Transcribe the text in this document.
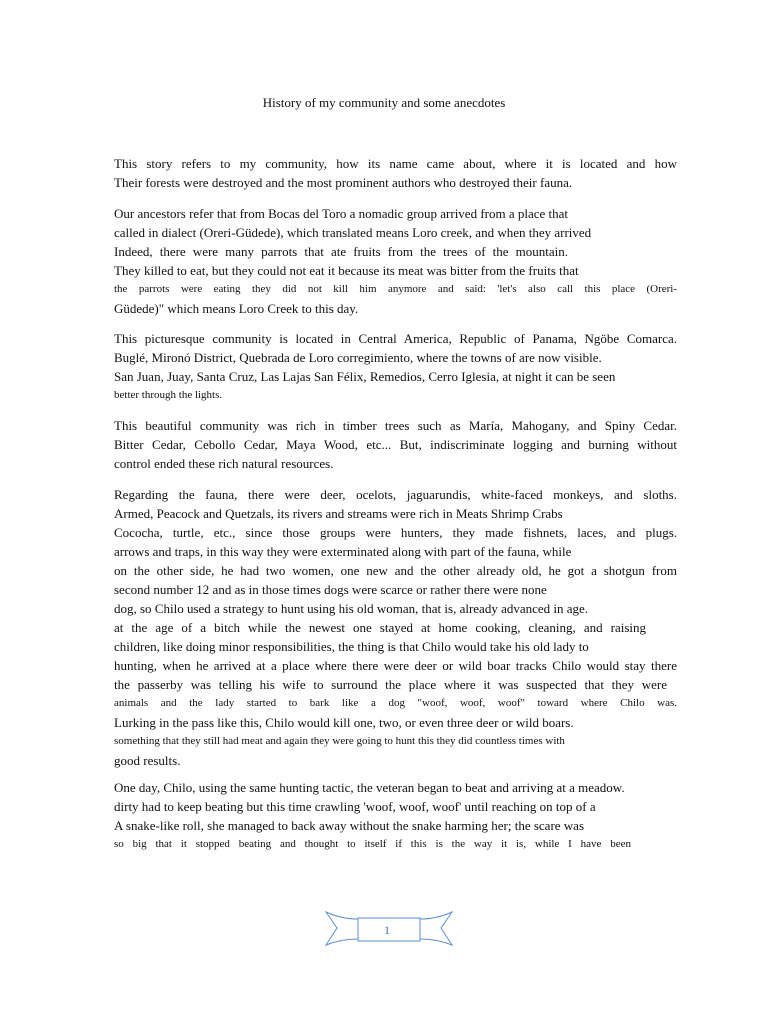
History of my community and some anecdotes
This story refers to my community, how its name came about, where it is located and how
Their forests were destroyed and the most prominent authors who destroyed their fauna.
Our ancestors refer that from Bocas del Toro a nomadic group arrived from a place that
called in dialect (Oreri-Güdede), which translated means Loro creek, and when they arrived
Indeed, there were many parrots that ate fruits from the trees of the mountain.
They killed to eat, but they could not eat it because its meat was bitter from the fruits that
the parrots were eating they did not kill him anymore and said: 'let's also call this place (Oreri-
Güdede)" which means Loro Creek to this day.
This picturesque community is located in Central America, Republic of Panama, Ngöbe Comarca.
Buglé, Mironó District, Quebrada de Loro corregimiento, where the towns of are now visible.
San Juan, Juay, Santa Cruz, Las Lajas San Félix, Remedios, Cerro Iglesia, at night it can be seen
better through the lights.
This beautiful community was rich in timber trees such as María, Mahogany, and Spiny Cedar.
Bitter Cedar, Cebollo Cedar, Maya Wood, etc... But, indiscriminate logging and burning without
control ended these rich natural resources.
Regarding the fauna, there were deer, ocelots, jaguarundis, white-faced monkeys, and sloths.
Armed, Peacock and Quetzals, its rivers and streams were rich in Meats Shrimp Crabs
Cococha, turtle, etc., since those groups were hunters, they made fishnets, laces, and plugs.
arrows and traps, in this way they were exterminated along with part of the fauna, while
on the other side, he had two women, one new and the other already old, he got a shotgun from
second number 12 and as in those times dogs were scarce or rather there were none
dog, so Chilo used a strategy to hunt using his old woman, that is, already advanced in age.
at the age of a bitch while the newest one stayed at home cooking, cleaning, and raising
children, like doing minor responsibilities, the thing is that Chilo would take his old lady to
hunting, when he arrived at a place where there were deer or wild boar tracks Chilo would stay there
the passerby was telling his wife to surround the place where it was suspected that they were
animals and the lady started to bark like a dog "woof, woof, woof" toward where Chilo was.
Lurking in the pass like this, Chilo would kill one, two, or even three deer or wild boars.
something that they still had meat and again they were going to hunt this they did countless times with
good results.
One day, Chilo, using the same hunting tactic, the veteran began to beat and arriving at a meadow.
dirty had to keep beating but this time crawling 'woof, woof, woof' until reaching on top of a
A snake-like roll, she managed to back away without the snake harming her; the scare was
so big that it stopped beating and thought to itself if this is the way it is, while I have been
1
